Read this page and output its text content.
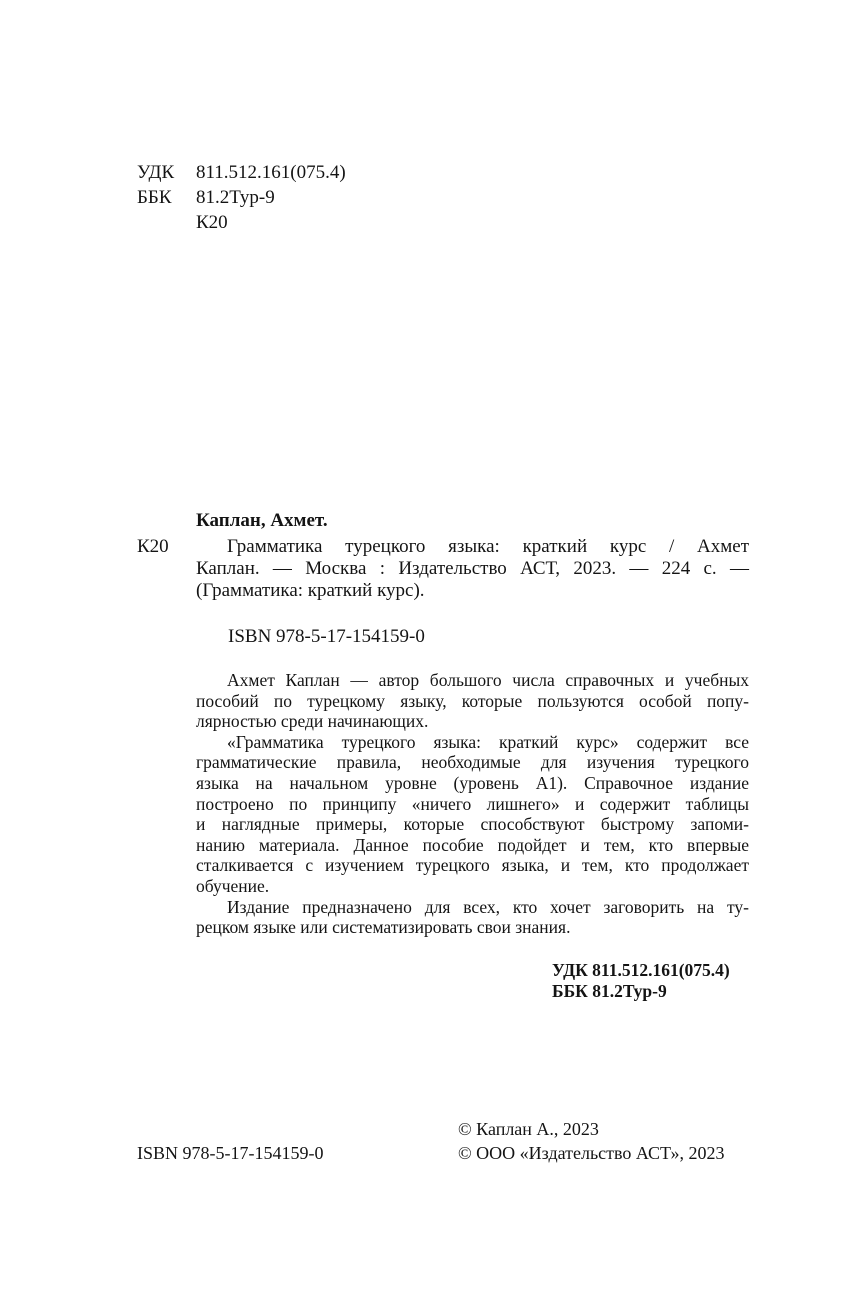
УДК 811.512.161(075.4)
ББК 81.2Тур-9
К20
Каплан, Ахмет.
К20	Грамматика турецкого языка: краткий курс / Ахмет
Каплан. — Москва : Издательство АСТ, 2023. — 224 с. —
(Грамматика: краткий курс).
ISBN 978-5-17-154159-0
Ахмет Каплан — автор большого числа справочных и учебных
пособий по турецкому языку, которые пользуются особой попу-
лярностью среди начинающих.
«Грамматика турецкого языка: краткий курс» содержит все
грамматические правила, необходимые для изучения турецкого
языка на начальном уровне (уровень А1). Справочное издание
построено по принципу «ничего лишнего» и содержит таблицы
и наглядные примеры, которые способствуют быстрому запоми-
нанию материала. Данное пособие подойдет и тем, кто впервые
сталкивается с изучением турецкого языка, и тем, кто продолжает
обучение.
Издание предназначено для всех, кто хочет заговорить на ту-
рецком языке или систематизировать свои знания.
УДК 811.512.161(075.4)
ББК 81.2Тур-9
© Каплан А., 2023
© ООО «Издательство АСТ», 2023
ISBN 978-5-17-154159-0
